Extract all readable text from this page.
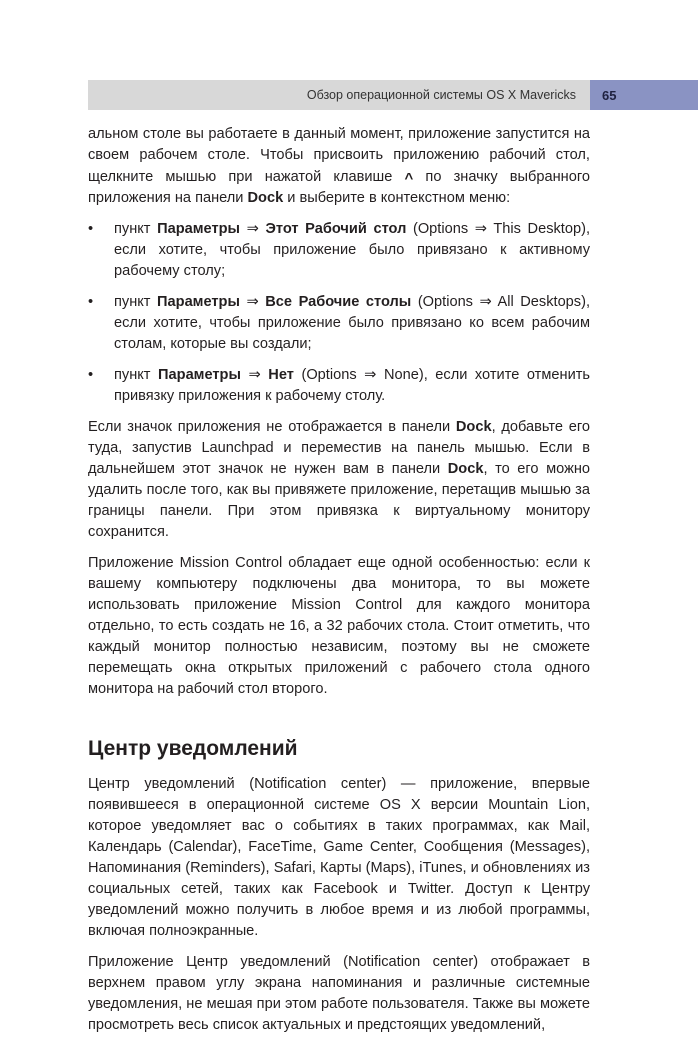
Обзор операционной системы OS X Mavericks 65

альном столе вы работаете в данный момент, приложение запустится на своем рабочем столе. Чтобы присвоить приложению рабочий стол, щелкните мышью при нажатой клавише ^ по значку выбранного приложения на панели Dock и выберите в контекстном меню:

• пункт Параметры ⇒ Этот Рабочий стол (Options ⇒ This Desktop), если хотите, чтобы приложение было привязано к активному рабочему столу;
• пункт Параметры ⇒ Все Рабочие столы (Options ⇒ All Desktops), если хотите, чтобы приложение было привязано ко всем рабочим столам, которые вы создали;
• пункт Параметры ⇒ Нет (Options ⇒ None), если хотите отменить привязку приложения к рабочему столу.

Если значок приложения не отображается в панели Dock, добавьте его туда, запустив Launchpad и переместив на панель мышью. Если в дальнейшем этот значок не нужен вам в панели Dock, то его можно удалить после того, как вы привяжете приложение, перетащив мышью за границы панели. При этом привязка к виртуальному монитору сохранится.

Приложение Mission Control обладает еще одной особенностью: если к вашему компьютеру подключены два монитора, то вы можете использовать приложение Mission Control для каждого монитора отдельно, то есть создать не 16, а 32 рабочих стола. Стоит отметить, что каждый монитор полностью независим, поэтому вы не сможете перемещать окна открытых приложений с рабочего стола одного монитора на рабочий стол второго.

Центр уведомлений

Центр уведомлений (Notification center) — приложение, впервые появившееся в операционной системе OS X версии Mountain Lion, которое уведомляет вас о событиях в таких программах, как Mail, Календарь (Calendar), FaceTime, Game Center, Сообщения (Messages), Напоминания (Reminders), Safari, Карты (Maps), iTunes, и обновлениях из социальных сетей, таких как Facebook и Twitter. Доступ к Центру уведомлений можно получить в любое время и из любой программы, включая полноэкранные.

Приложение Центр уведомлений (Notification center) отображает в верхнем правом углу экрана напоминания и различные системные уведомления, не мешая при этом работе пользователя. Также вы можете просмотреть весь список актуальных и предстоящих уведомлений,
